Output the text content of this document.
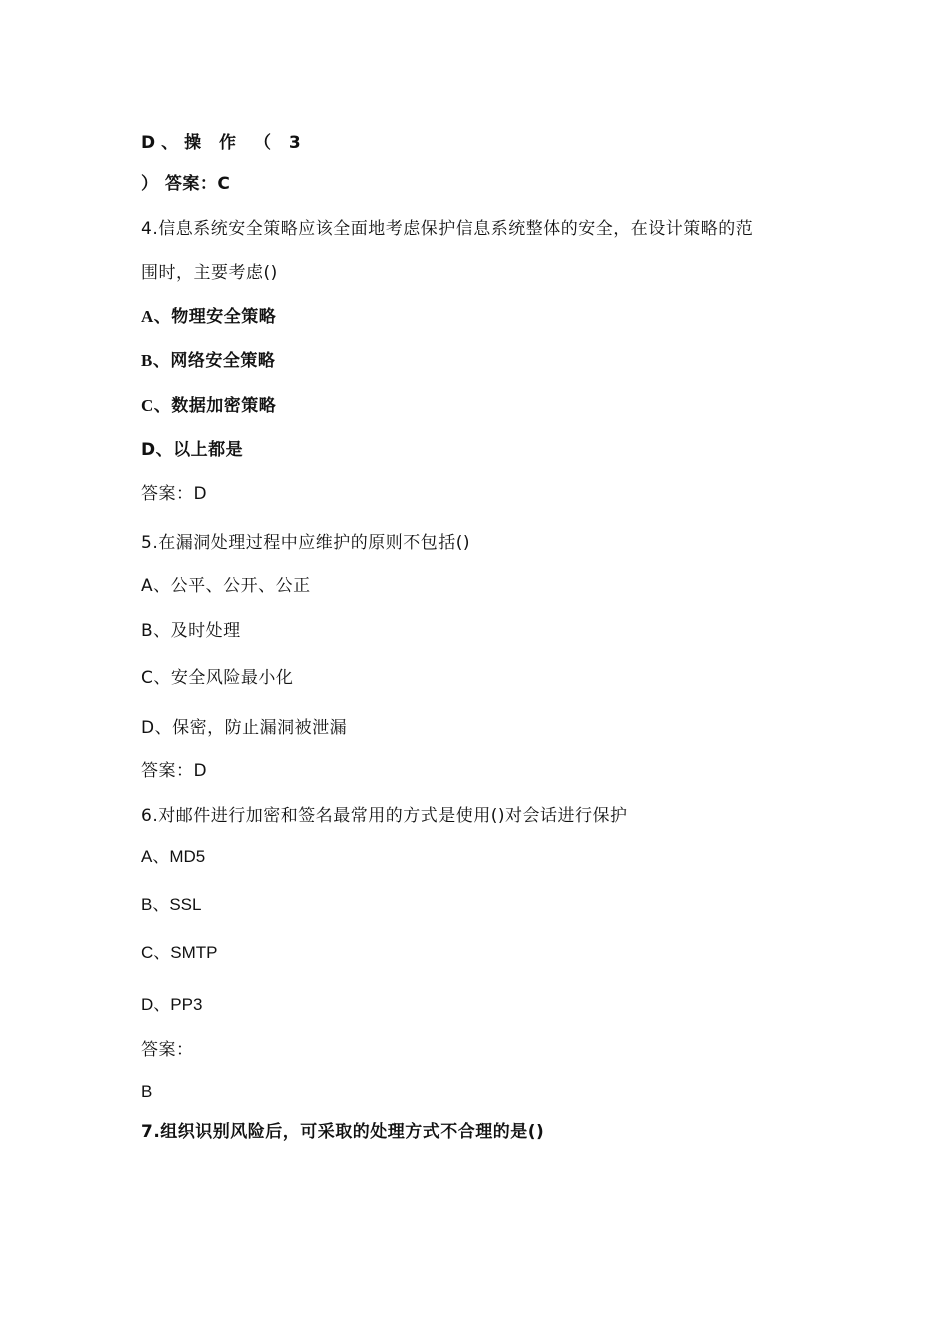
D、操 作 （ 3
） 答案：C
4.信息系统安全策略应该全面地考虑保护信息系统整体的安全，在设计策略的范
围时，主要考虑()
A、物理安全策略
B、网络安全策略
C、数据加密策略
D、以上都是
答案：D
5.在漏洞处理过程中应维护的原则不包括()
A、公平、公开、公正
B、及时处理
C、安全风险最小化
D、保密，防止漏洞被泄漏
答案：D
6.对邮件进行加密和签名最常用的方式是使用()对会话进行保护
A、MD5
B、SSL
C、SMTP
D、PP3
答案：
B
7.组织识别风险后，可采取的处理方式不合理的是()
